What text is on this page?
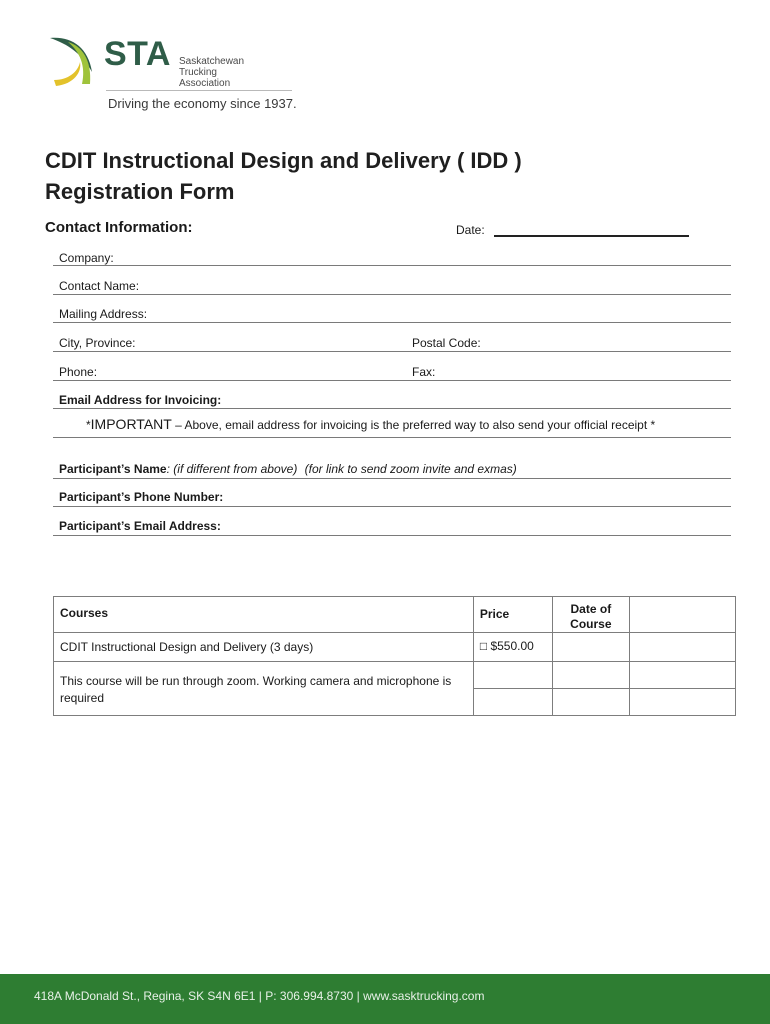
STA Saskatchewan
Trucking
Association
Driving the economy since 1937.
CDIT Instructional Design and Delivery ( IDD )
Registration Form
Contact Information:	Date:
Company:
Contact Name:
Mailing Address:
City, Province:	Postal Code:
Phone:	Fax:
Email Address for Invoicing:
*IMPORTANT – Above, email address for invoicing is the preferred way to also send your official receipt *
Participant’s Name: (if different from above) (for link to send zoom invite and exmas)
Participant’s Phone Number:
Participant’s Email Address:
Courses	Price	Date of Course	
CDIT Instructional Design and Delivery (3 days)	□ $550.00		
This course will be run through zoom. Working camera and microphone is required			

418A McDonald St., Regina, SK S4N 6E1 | P: 306.994.8730 | www.sasktrucking.com
